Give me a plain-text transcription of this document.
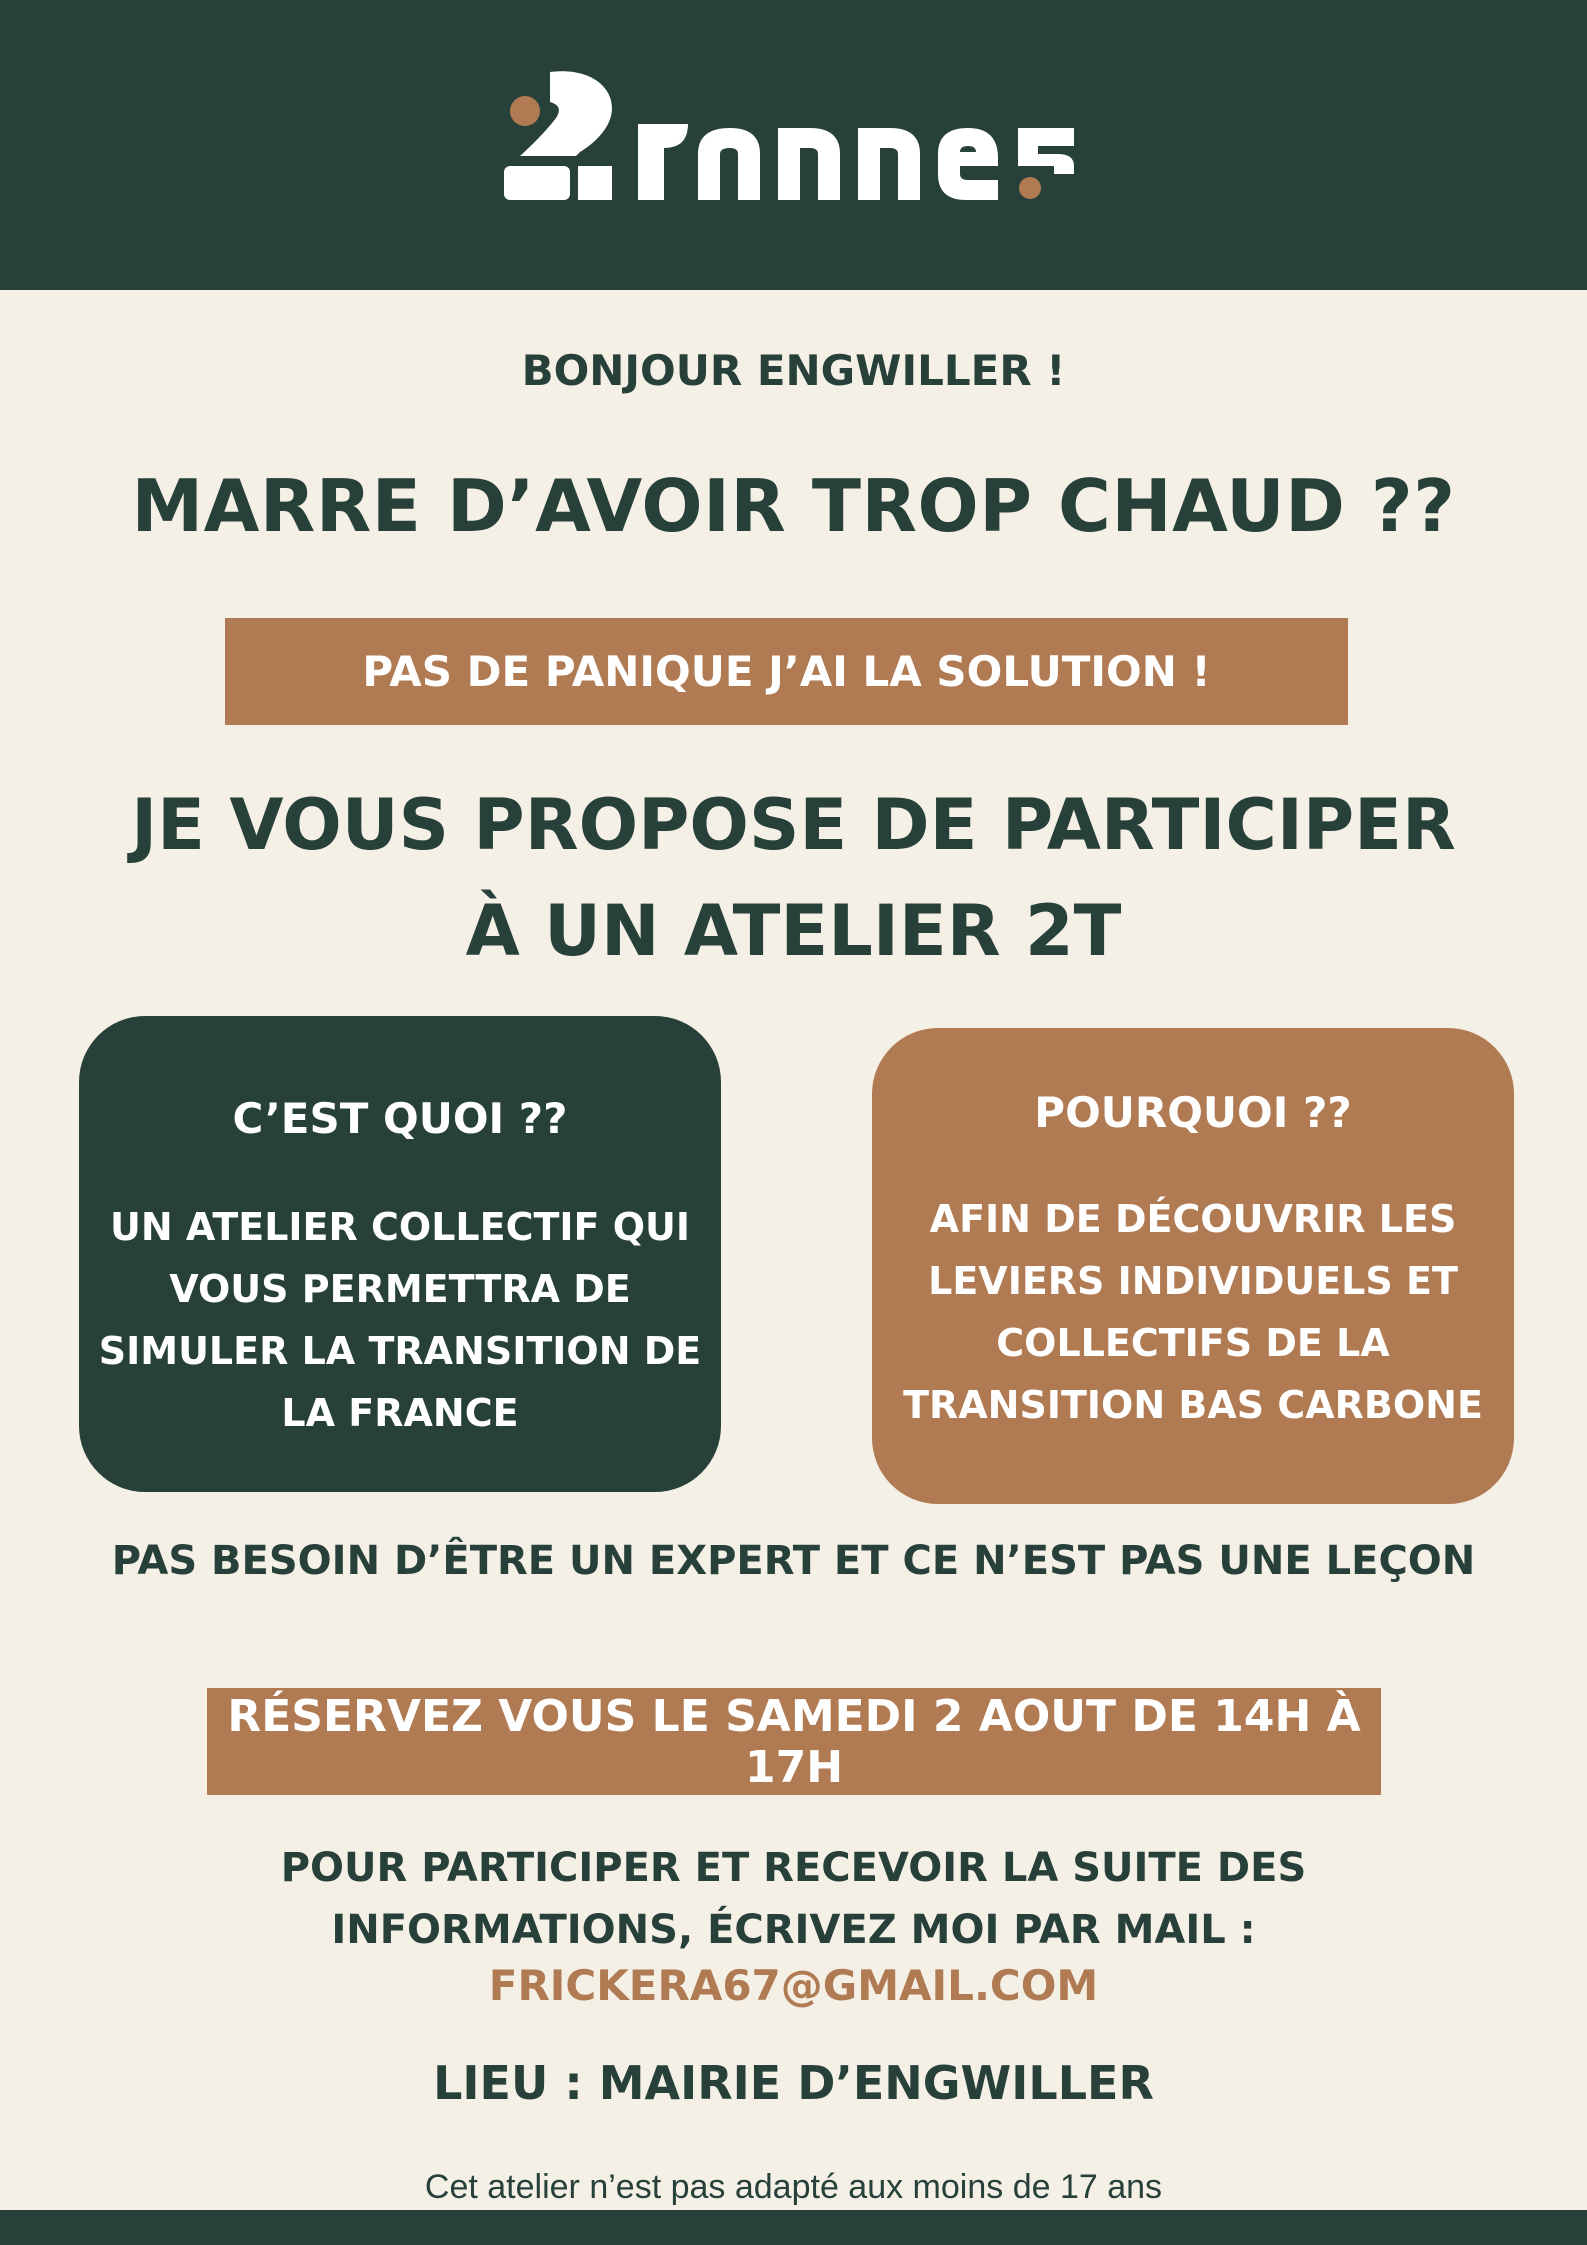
BONJOUR ENGWILLER !
MARRE D’AVOIR TROP CHAUD ??
PAS DE PANIQUE J’AI LA SOLUTION !
JE VOUS PROPOSE DE PARTICIPER
À UN ATELIER 2T
C’EST QUOI ??
UN ATELIER COLLECTIF QUI
VOUS PERMETTRA DE
SIMULER LA TRANSITION DE
LA FRANCE
POURQUOI ??
AFIN DE DÉCOUVRIR LES
LEVIERS INDIVIDUELS ET
COLLECTIFS DE LA
TRANSITION BAS CARBONE
PAS BESOIN D’ÊTRE UN EXPERT ET CE N’EST PAS UNE LEÇON
RÉSERVEZ VOUS LE SAMEDI 2 AOUT DE 14H À 17H
POUR PARTICIPER ET RECEVOIR LA SUITE DES
INFORMATIONS, ÉCRIVEZ MOI PAR MAIL :
FRICKERA67@GMAIL.COM
LIEU : MAIRIE D’ENGWILLER
Cet atelier n’est pas adapté aux moins de 17 ans
